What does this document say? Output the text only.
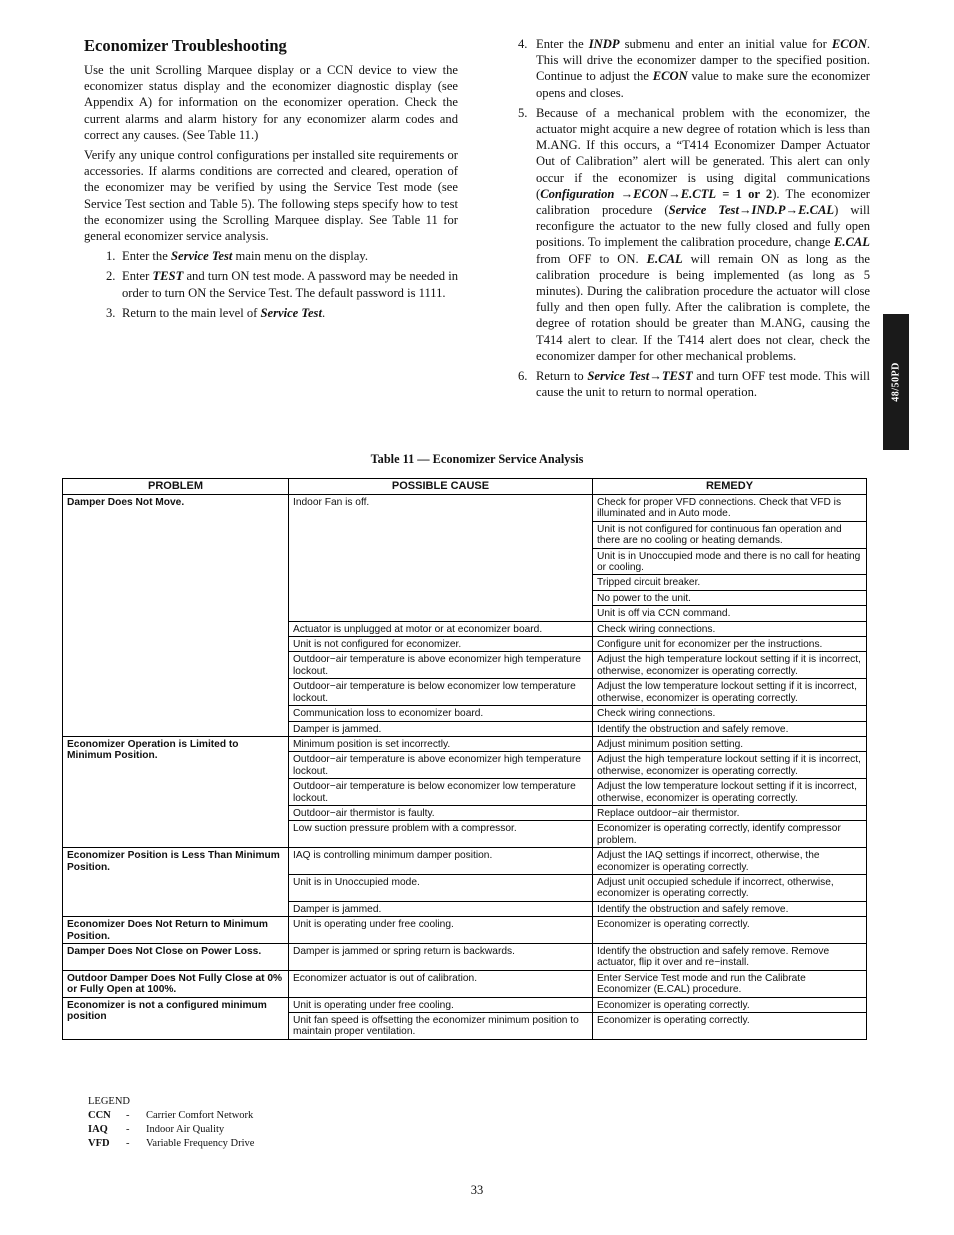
Economizer Troubleshooting

Use the unit Scrolling Marquee display or a CCN device to view the economizer status display and the economizer diagnostic display (see Appendix A) for information on the economizer operation. Check the current alarms and alarm history for any economizer alarm codes and correct any causes. (See Table 11.)

Verify any unique control configurations per installed site requirements or accessories. If alarms conditions are corrected and cleared, operation of the economizer may be verified by using the Service Test mode (see Service Test section and Table 5). The following steps specify how to test the economizer using the Scrolling Marquee display. See Table 11 for general economizer service analysis.

1. Enter the Service Test main menu on the display.
2. Enter TEST and turn ON test mode. A password may be needed in order to turn ON the Service Test. The default password is 1111.
3. Return to the main level of Service Test.
4. Enter the INDP submenu and enter an initial value for ECON. This will drive the economizer damper to the specified position. Continue to adjust the ECON value to make sure the economizer opens and closes.
5. Because of a mechanical problem with the economizer, the actuator might acquire a new degree of rotation which is less than M.ANG. If this occurs, a “T414 Economizer Damper Actuator Out of Calibration” alert will be generated. This alert can only occur if the economizer is using digital communications (Configuration →ECON→E.CTL = 1 or 2). The economizer calibration procedure (Service Test→IND.P→E.CAL) will reconfigure the actuator to the new fully closed and fully open positions. To implement the calibration procedure, change E.CAL from OFF to ON. E.CAL will remain ON as long as the calibration procedure is being implemented (as long as 5 minutes). During the calibration procedure the actuator will close fully and then open fully. After the calibration is complete, the degree of rotation should be greater than M.ANG, causing the T414 alert to clear. If the T414 alert does not clear, check the economizer damper for other mechanical problems.
6. Return to Service Test→TEST and turn OFF test mode. This will cause the unit to return to normal operation.	48/50PD
Table 11 — Economizer Service Analysis
PROBLEM	POSSIBLE CAUSE	REMEDY
Damper Does Not Move.	Indoor Fan is off.	Check for proper VFD connections. Check that VFD is illuminated and in Auto mode.
		Unit is not configured for continuous fan operation and there are no cooling or heating demands.
		Unit is in Unoccupied mode and there is no call for heating or cooling.
		Tripped circuit breaker.
		No power to the unit.
		Unit is off via CCN command.
	Actuator is unplugged at motor or at economizer board.	Check wiring connections.
	Unit is not configured for economizer.	Configure unit for economizer per the instructions.
	Outdoor−air temperature is above economizer high temperature lockout.	Adjust the high temperature lockout setting if it is incorrect, otherwise, economizer is operating correctly.
	Outdoor−air temperature is below economizer low temperature lockout.	Adjust the low temperature lockout setting if it is incorrect, otherwise, economizer is operating correctly.
	Communication loss to economizer board.	Check wiring connections.
	Damper is jammed.	Identify the obstruction and safely remove.
Economizer Operation is Limited to Minimum Position.	Minimum position is set incorrectly.	Adjust minimum position setting.
	Outdoor−air temperature is above economizer high temperature lockout.	Adjust the high temperature lockout setting if it is incorrect, otherwise, economizer is operating correctly.
	Outdoor−air temperature is below economizer low temperature lockout.	Adjust the low temperature lockout setting if it is incorrect, otherwise, economizer is operating correctly.
	Outdoor−air thermistor is faulty.	Replace outdoor−air thermistor.
	Low suction pressure problem with a compressor.	Economizer is operating correctly, identify compressor problem.
Economizer Position is Less Than Minimum Position.	IAQ is controlling minimum damper position.	Adjust the IAQ settings if incorrect, otherwise, the economizer is operating correctly.
	Unit is in Unoccupied mode.	Adjust unit occupied schedule if incorrect, otherwise, economizer is operating correctly.
	Damper is jammed.	Identify the obstruction and safely remove.
Economizer Does Not Return to Minimum Position.	Unit is operating under free cooling.	Economizer is operating correctly.
Damper Does Not Close on Power Loss.	Damper is jammed or spring return is backwards.	Identify the obstruction and safely remove. Remove actuator, flip it over and re−install.
Outdoor Damper Does Not Fully Close at 0% or Fully Open at 100%.	Economizer actuator is out of calibration.	Enter Service Test mode and run the Calibrate Economizer (E.CAL) procedure.
Economizer is not a configured minimum position	Unit is operating under free cooling.	Economizer is operating correctly.
	Unit fan speed is offsetting the economizer minimum position to maintain proper ventilation.	Economizer is operating correctly.
LEGEND
CCN	-	Carrier Comfort Network
IAQ	-	Indoor Air Quality
VFD	-	Variable Frequency Drive
33
